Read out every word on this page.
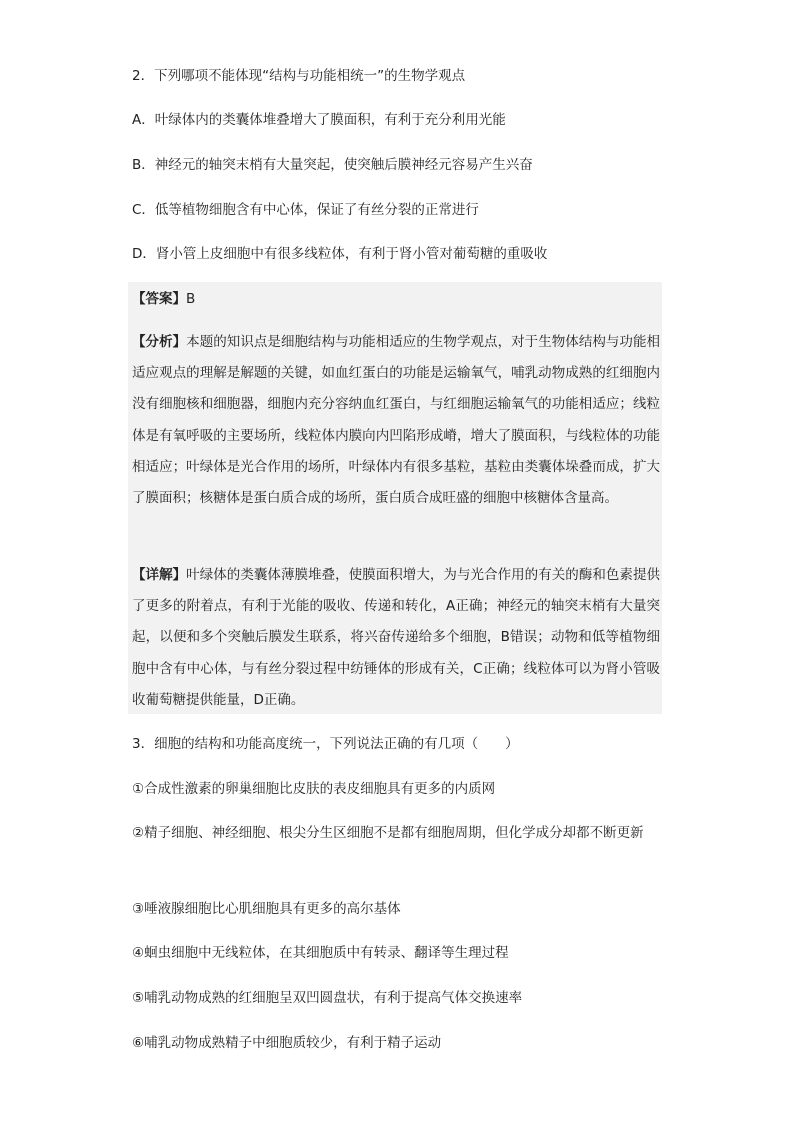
2．下列哪项不能体现“结构与功能相统一”的生物学观点
A．叶绿体内的类囊体堆叠增大了膜面积，有利于充分利用光能
B．神经元的轴突末梢有大量突起，使突触后膜神经元容易产生兴奋
C．低等植物细胞含有中心体，保证了有丝分裂的正常进行
D．肾小管上皮细胞中有很多线粒体，有利于肾小管对葡萄糖的重吸收
【答案】B
【分析】本题的知识点是细胞结构与功能相适应的生物学观点，对于生物体结构与功能相适应观点的理解是解题的关键，如血红蛋白的功能是运输氧气，哺乳动物成熟的红细胞内没有细胞核和细胞器，细胞内充分容纳血红蛋白，与红细胞运输氧气的功能相适应；线粒体是有氧呼吸的主要场所，线粒体内膜向内凹陷形成嵴，增大了膜面积，与线粒体的功能相适应；叶绿体是光合作用的场所，叶绿体内有很多基粒，基粒由类囊体垛叠而成，扩大了膜面积；核糖体是蛋白质合成的场所，蛋白质合成旺盛的细胞中核糖体含量高。
【详解】叶绿体的类囊体薄膜堆叠，使膜面积增大，为与光合作用的有关的酶和色素提供了更多的附着点，有利于光能的吸收、传递和转化，A正确；神经元的轴突末梢有大量突起，以便和多个突触后膜发生联系，将兴奋传递给多个细胞，B错误；动物和低等植物细胞中含有中心体，与有丝分裂过程中纺锤体的形成有关，C正确；线粒体可以为肾小管吸收葡萄糖提供能量，D正确。
3．细胞的结构和功能高度统一，下列说法正确的有几项（　　）
①合成性激素的卵巢细胞比皮肤的表皮细胞具有更多的内质网
②精子细胞、神经细胞、根尖分生区细胞不是都有细胞周期，但化学成分却都不断更新
③唾液腺细胞比心肌细胞具有更多的高尔基体
④蛔虫细胞中无线粒体，在其细胞质中有转录、翻译等生理过程
⑤哺乳动物成熟的红细胞呈双凹圆盘状，有利于提高气体交换速率
⑥哺乳动物成熟精子中细胞质较少，有利于精子运动
